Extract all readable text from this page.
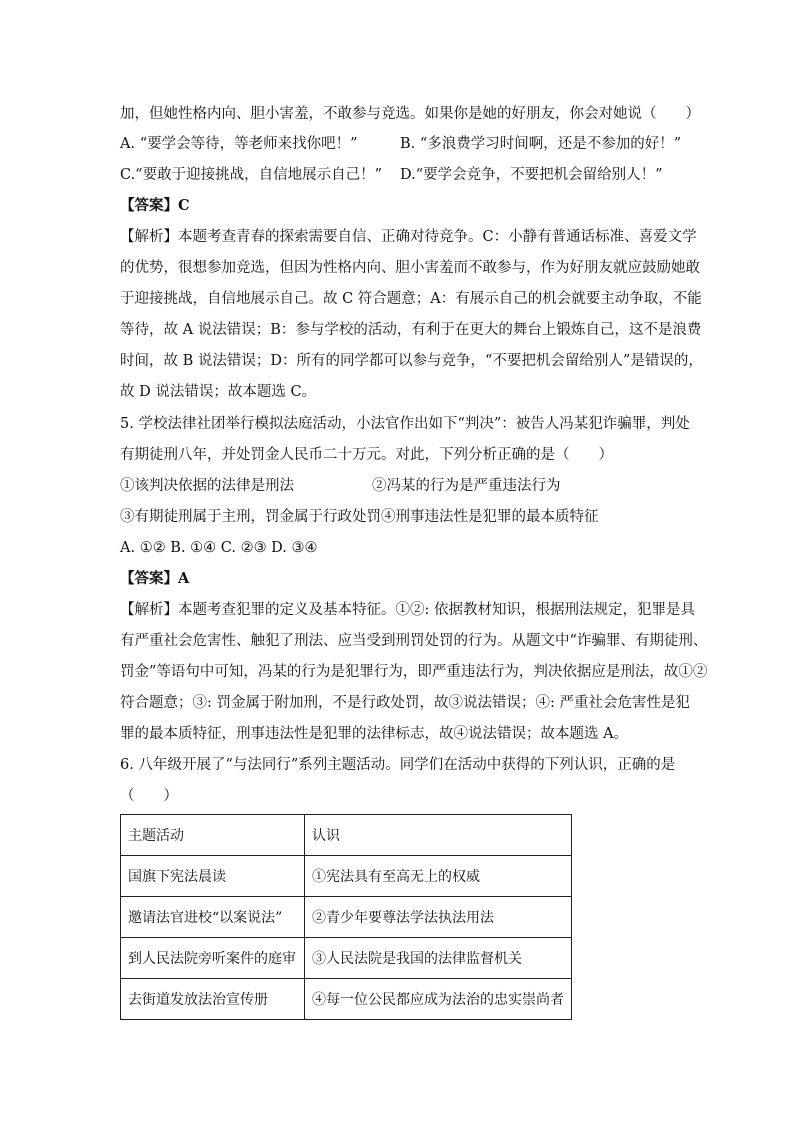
加，但她性格内向、胆小害羞，不敢参与竞选。如果你是她的好朋友，你会对她说（　　）
A. “要学会等待，等老师来找你吧！”	B. “多浪费学习时间啊，还是不参加的好！”
C.“要敢于迎接挑战，自信地展示自己！” D.“要学会竞争，不要把机会留给别人！”
【答案】C
【解析】本题考查青春的探索需要自信、正确对待竞争。C：小静有普通话标准、喜爱文学
的优势，很想参加竞选，但因为性格内向、胆小害羞而不敢参与，作为好朋友就应鼓励她敢
于迎接挑战，自信地展示自己。故 C 符合题意；A：有展示自己的机会就要主动争取，不能
等待，故 A 说法错误；B：参与学校的活动，有利于在更大的舞台上锻炼自己，这不是浪费
时间，故 B 说法错误；D：所有的同学都可以参与竞争，“不要把机会留给别人”是错误的，
故 D 说法错误；故本题选 C。
5. 学校法律社团举行模拟法庭活动，小法官作出如下“判决”：被告人冯某犯诈骗罪，判处
有期徒刑八年，并处罚金人民币二十万元。对此，下列分析正确的是（　　）
①该判决依据的法律是刑法	②冯某的行为是严重违法行为
③有期徒刑属于主刑，罚金属于行政处罚④刑事违法性是犯罪的最本质特征
A. ①② B. ①④ C. ②③ D. ③④
【答案】A
【解析】本题考查犯罪的定义及基本特征。①②: 依据教材知识，根据刑法规定，犯罪是具
有严重社会危害性、触犯了刑法、应当受到刑罚处罚的行为。从题文中“诈骗罪、有期徒刑、
罚金”等语句中可知，冯某的行为是犯罪行为，即严重违法行为，判决依据应是刑法，故①②
符合题意；③: 罚金属于附加刑，不是行政处罚，故③说法错误；④: 严重社会危害性是犯
罪的最本质特征，刑事违法性是犯罪的法律标志，故④说法错误；故本题选 A。
6. 八年级开展了“与法同行”系列主题活动。同学们在活动中获得的下列认识，正确的是
（　　）
主题活动	认识
国旗下宪法晨读	①宪法具有至高无上的权威
邀请法官进校“以案说法”	②青少年要尊法学法执法用法
到人民法院旁听案件的庭审	③人民法院是我国的法律监督机关
去街道发放法治宣传册	④每一位公民都应成为法治的忠实崇尚者
